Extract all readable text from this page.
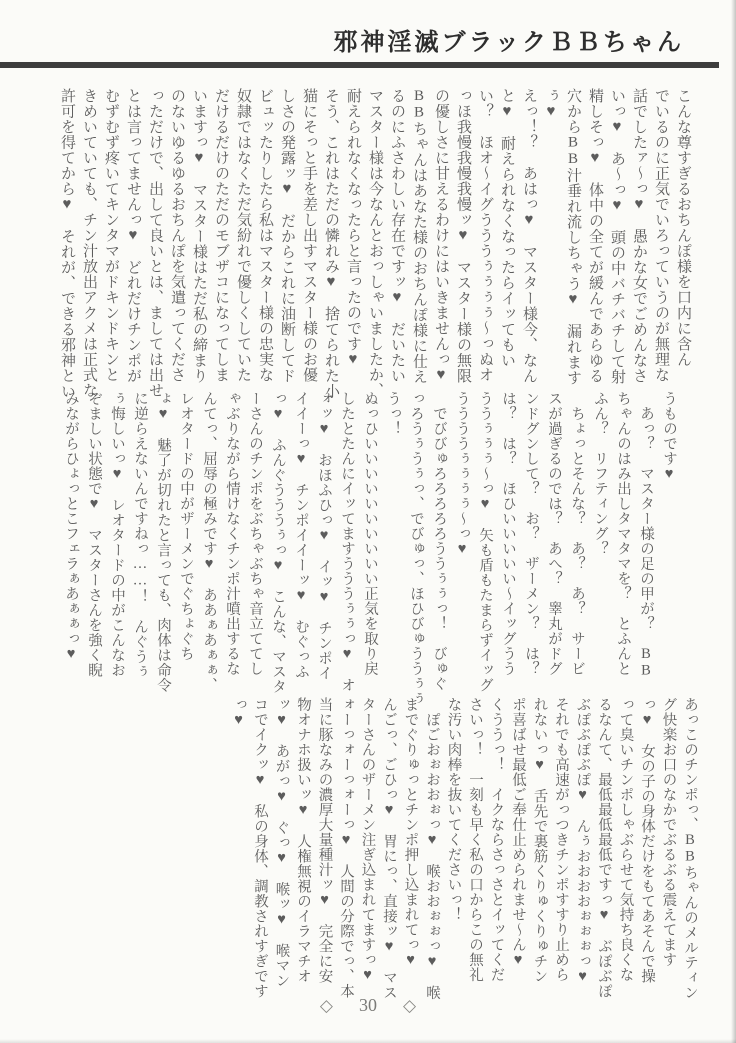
邪神淫滅ブラックＢＢちゃん

こんな尊すぎるおちんぽ様を口内に含ん

でいるのに正気でいろっていうのが無理な

話でしたァ〜っ♥　愚かな女でごめんなさ

いっ♥　あ〜っ♥　頭の中バチバチして射

精しそっ♥　体中の全てが緩んであらゆる

穴からBB汁垂れ流しちゃう♥　漏れます

ぅ♥

えっ！？　あはっ♥　マスター様今、なん

と♥　耐えられなくなったらイッてもい

い？　ほオ〜イグうううぅぅぅぅ〜っぬオ

っほ我慢我慢我慢ッ♥　マスター様の無限

の優しさに甘えるわけにはいきませんっ♥

BBちゃんはあなた様のおちんぽ様に仕え

るのにふさわしい存在ですッ♥　だいたい

マスター様は今なんとおっしゃいましたか、

耐えられなくなったらと言ったのです♥

そう、これはただの憐れみ♥　捨てられた小

猫にそっと手を差し出すマスター様のお優

しさの発露ッ♥　だからこれに油断してド

ビュッたりしたら私はマスター様の忠実な

奴隷ではなくただ気紛れで優しくしていた

だけるだけのただのモブザコになってしま

いますっ♥　マスター様はただ私の締まり

のないゆるゆるおちんぽを気遣ってくださ

っただけで、出して良いとは、ましては出せ

とは言ってませんっ♥　どれだけチンポが

むずむず疼いてキンタマがドキンドキンと

きめいていても、チン汁放出アクメは正式な

許可を得てから♥　それが、できる邪神とい

うものです♥

　あっ？　マスター様の足の甲が？　BB

ちゃんのはみ出しタマタマを？　とふんと

ふん？　リフティング？

　ちょっとそんな？　あ？　あ？　サービ

スが過ぎるのでは？　あへ？　睾丸がドグ

ンドグンして？　お？　ザーメン？　は？

は？　は？　ほひいいいいい〜イッグうう

ううぅぅぅ〜っ♥　矢も盾もたまらずイッグ

ううううぅぅぅぅ〜っ♥

　でびびゅろろろろろううぅぅっ！　びゅぐ

っろうぅうぅっ、でびゅっ、ほひびゅううぅぅ

うっ！

ぬっひいいいいいいいいいい正気を取り戻

したとたんにイッてますうううぅぅっ♥　オ

ォッ♥　おほふひっ♥　イッ♥　チンポイ

イイーっ♥　チンポイイーッ♥　むぐっふ

っ♥　ふんぐうううぅっ♥　こんな、マスタ

ーさんのチンポをぶちゃぶちゃ音立ててし

ゃぶりながら情けなくチンポ汁噴出するな

んてっ、屈辱の極みです♥　ああぁあぁぁ、

レオタードの中がザーメンでぐちょぐち

ょ♥　魅了が切れたと言っても、肉体は命令

に逆らえないんですねっ……！　んぐうぅ

ぅ悔しいっ♥　レオタードの中がこんなお

ぞましい状態で♥　マスターさんを強く睨

みながらひょっとこフェラぁあぁぁっ♥

あっこのチンポっ、BBちゃんのメルティン

グ快楽お口のなかでぶるぶる震えてます

っ♥　女の子の身体だけをもてあそんで操

って臭いチンポしゃぶらせて気持ち良くな

るなんて、最低最低最低ですっ♥　ぶぽぶぽ

ぶぽぶぽぶぽ♥　んぅおおおおぉぉぉっ♥

それでも高速がっつきチンポすすり止めら

れないっ♥　舌先で裏筋くりゅくりゅチン

ポ喜ばせ最低ご奉仕止められませ〜ん♥

くううっ！　イクならさっさとイッてくだ

さいっ！　一刻も早く私の口からこの無礼

な汚い肉棒を抜いてくださいっ！

　ぽごおぉおおぉっ♥　喉おおぉぉっ♥　喉

までぐりゅっとチンポ押し込まれてっ♥

んごっ、ごひっ♥　胃にっ、直接ッ♥　マス

ターさんのザーメン注ぎ込まれてますっ♥

ォーっォーっォーっ♥　人間の分際でっ、本

当に豚なみの濃厚大量種汁ッ♥　完全に安

物オナホ扱いッ♥　人権無視のイラマチオ

ッ♥　あがっ♥　ぐっ♥　喉ッ♥　喉マン

コでイクッ♥　私の身体、調教されすぎです

っ♥

◇ 30 ◇
